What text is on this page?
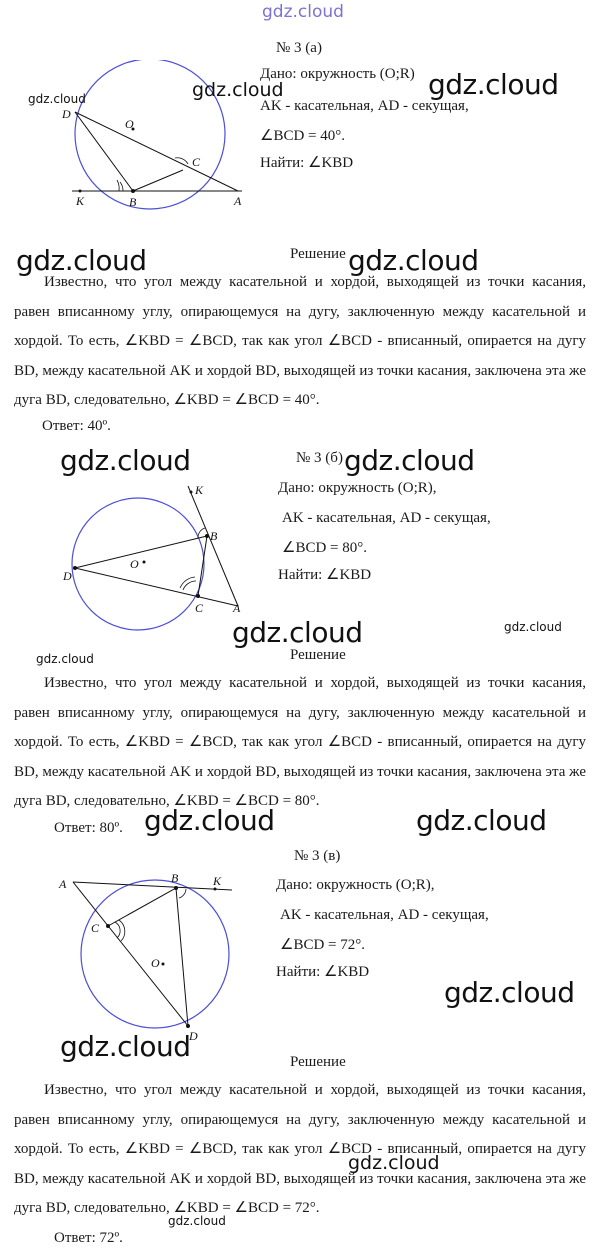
gdz.cloud
№ 3 (а)
O
D
C
K	B	A
Дано: окружность (O;R)
AK - касательная, AD - секущая,
∠BCD = 40°.
Найти: ∠KBD
Решение

Известно, что угол между касательной и хордой, выходящей из точки касания, равен вписанному углу, опирающемуся на дугу, заключенную между касательной и хордой. То есть, ∠KBD = ∠BCD, так как угол ∠BCD - вписанный, опирается на дугу BD, между касательной AK и хордой BD, выходящей из точки касания, заключена эта же дуга BD, следовательно, ∠KBD = ∠BCD = 40°.

Ответ: 40º.
№ 3 (б)
O
D
C
K
B
A
Дано: окружность (O;R),
AK - касательная, AD - секущая,
∠BCD = 80°.
Найти: ∠KBD
Решение

Известно, что угол между касательной и хордой, выходящей из точки касания, равен вписанному углу, опирающемуся на дугу, заключенную между касательной и хордой. То есть, ∠KBD = ∠BCD, так как угол ∠BCD - вписанный, опирается на дугу BD, между касательной AK и хордой BD, выходящей из точки касания, заключена эта же дуга BD, следовательно, ∠KBD = ∠BCD = 80°.

Ответ: 80º.
№ 3 (в)
O
A
C
K
B
D
Дано: окружность (O;R),
AK - касательная, AD - секущая,
∠BCD = 72°.
Найти: ∠KBD
Решение

Известно, что угол между касательной и хордой, выходящей из точки касания, равен вписанному углу, опирающемуся на дугу, заключенную между касательной и хордой. То есть, ∠KBD = ∠BCD, так как угол ∠BCD - вписанный, опирается на дугу BD, между касательной AK и хордой BD, выходящей из точки касания, заключена эта же дуга BD, следовательно, ∠KBD = ∠BCD = 72°.

Ответ: 72º.
gdz.cloud	gdz.cloud	gdz.cloud
gdz.cloud	gdz.cloud
gdz.cloud	gdz.cloud
gdz.cloud	gdz.cloud
gdz.cloud
gdz.cloud	gdz.cloud
gdz.cloud
gdz.cloud
gdz.cloud
gdz.cloud
